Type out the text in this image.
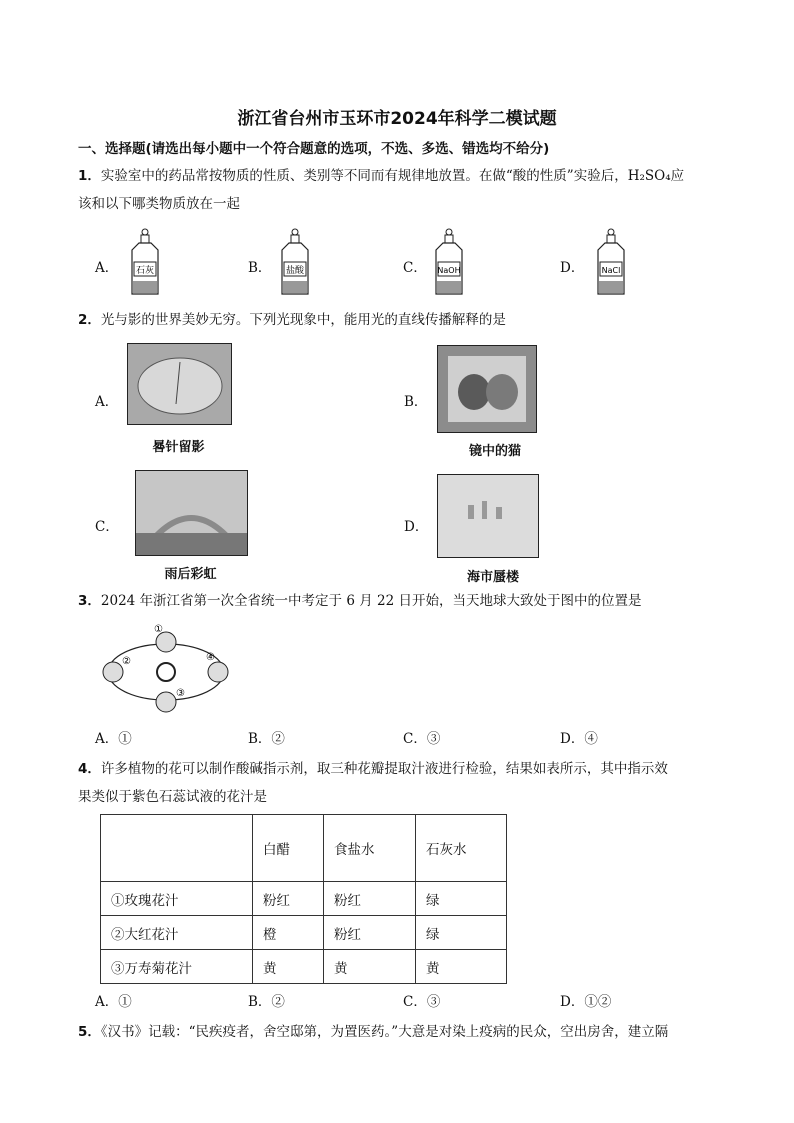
浙江省台州市玉环市2024年科学二模试题
一、选择题(请选出每小题中一个符合题意的选项，不选、多选、错选均不给分)
1．实验室中的药品常按物质的性质、类别等不同而有规律地放置。在做“酸的性质”实验后，H₂SO₄应
该和以下哪类物质放在一起
A．	B．	C．	D．
石灰	盐酸	NaOH	NaCl
2．光与影的世界美妙无穷。下列光现象中，能用光的直线传播解释的是
A．
晷针留影
B．
镜中的猫
C．
雨后彩虹
D．
海市蜃楼
3．2024 年浙江省第一次全省统一中考定于 6 月 22 日开始，当天地球大致处于图中的位置是
①
②
③
④
A．①	B．②	C．③	D．④
4．许多植物的花可以制作酸碱指示剂，取三种花瓣提取汁液进行检验，结果如表所示，其中指示效
果类似于紫色石蕊试液的花汁是
	白醋	食盐水	石灰水
①玫瑰花汁	粉红	粉红	绿
②大红花汁	橙	粉红	绿
③万寿菊花汁	黄	黄	黄
A．①	B．②	C．③	D．①②
5．《汉书》记载：“民疾疫者，舍空邸第，为置医药。”大意是对染上疫病的民众，空出房舍，建立隔
